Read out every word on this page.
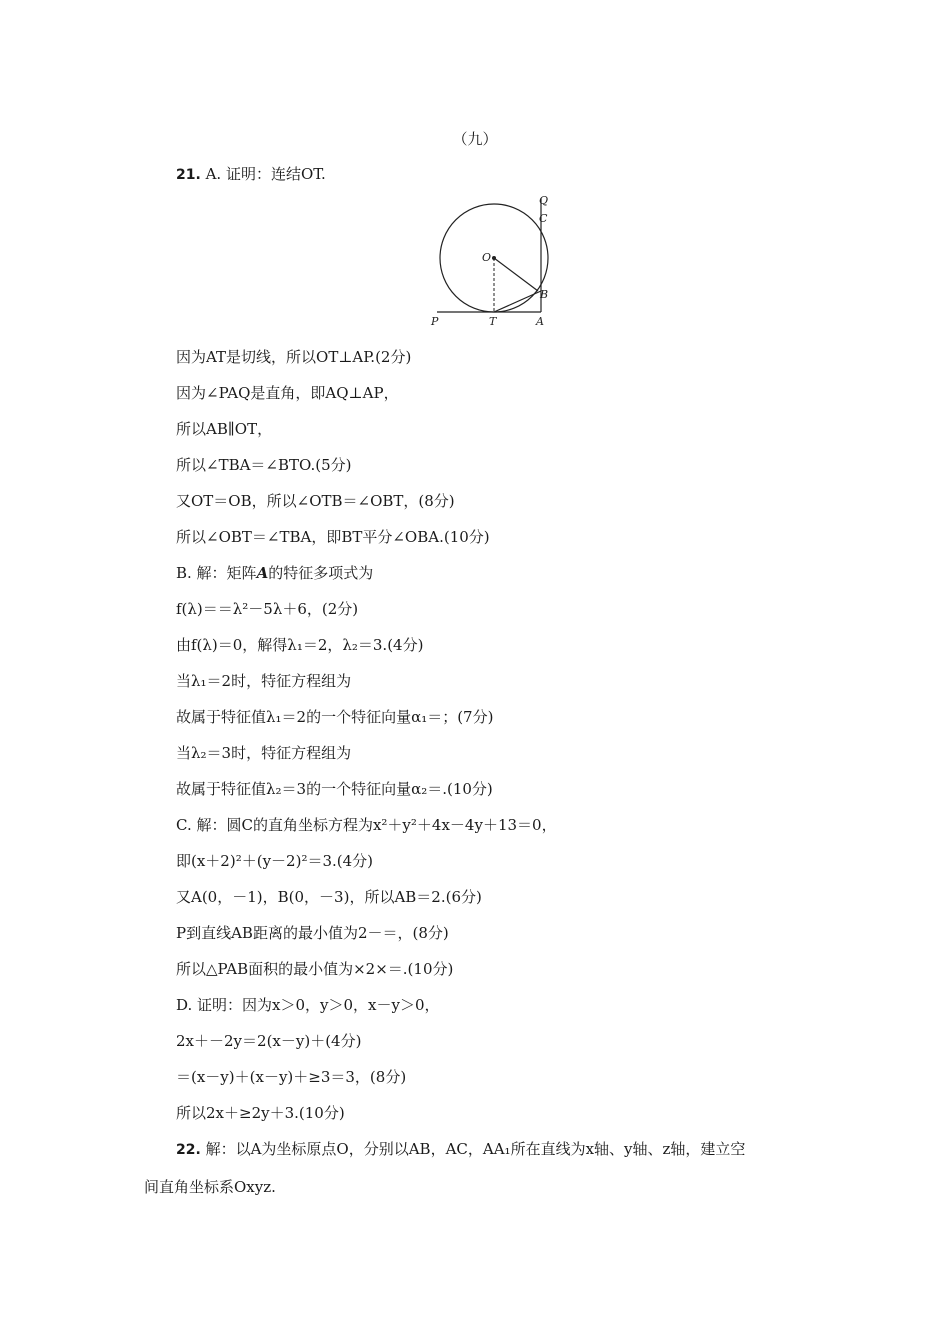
（九）
21. A. 证明：连结OT.
Q
C
O
B
P	T	A
因为AT是切线，所以OT⊥AP.(2分)
因为∠PAQ是直角，即AQ⊥AP，
所以AB∥OT，
所以∠TBA＝∠BTO.(5分)
又OT＝OB，所以∠OTB＝∠OBT，(8分)
所以∠OBT＝∠TBA，即BT平分∠OBA.(10分)
B. 解：矩阵A的特征多项式为
f(λ)＝＝λ²－5λ＋6，(2分)
由f(λ)＝0，解得λ₁＝2，λ₂＝3.(4分)
当λ₁＝2时，特征方程组为
故属于特征值λ₁＝2的一个特征向量α₁＝；(7分)
当λ₂＝3时，特征方程组为
故属于特征值λ₂＝3的一个特征向量α₂＝.(10分)
C. 解：圆C的直角坐标方程为x²＋y²＋4x－4y＋13＝0，
即(x＋2)²＋(y－2)²＝3.(4分)
又A(0，－1)，B(0，－3)，所以AB＝2.(6分)
P到直线AB距离的最小值为2－＝，(8分)
所以△PAB面积的最小值为×2×＝.(10分)
D. 证明：因为x＞0，y＞0，x－y＞0，
2x＋－2y＝2(x－y)＋(4分)
＝(x－y)＋(x－y)＋≥3＝3，(8分)
所以2x＋≥2y＋3.(10分)
22. 解：以A为坐标原点O，分别以AB，AC，AA₁所在直线为x轴、y轴、z轴，建立空
间直角坐标系Oxyz.
